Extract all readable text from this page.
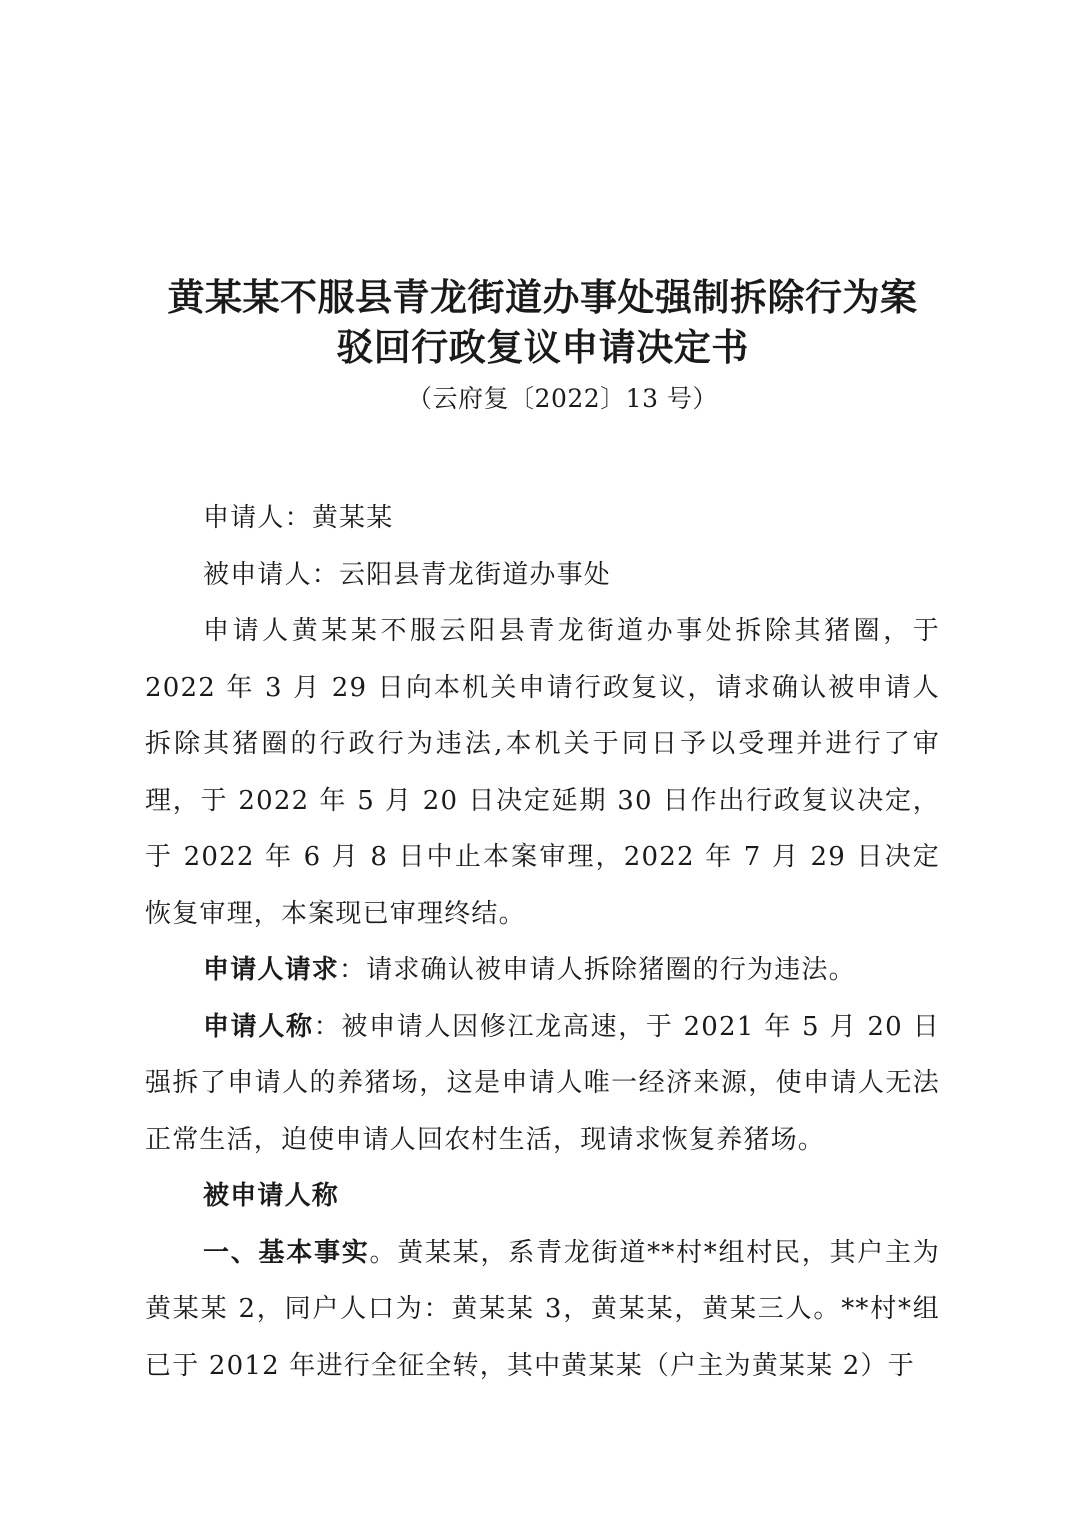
黄某某不服县青龙街道办事处强制拆除行为案
驳回行政复议申请决定书
（云府复〔2022〕13 号）

申请人：黄某某

被申请人：云阳县青龙街道办事处

申请人黄某某不服云阳县青龙街道办事处拆除其猪圈，于2022 年 3 月 29 日向本机关申请行政复议，请求确认被申请人拆除其猪圈的行政行为违法,本机关于同日予以受理并进行了审理，于 2022 年 5 月 20 日决定延期 30 日作出行政复议决定，于 2022 年 6 月 8 日中止本案审理，2022 年 7 月 29 日决定恢复审理，本案现已审理终结。

申请人请求：请求确认被申请人拆除猪圈的行为违法。

申请人称：被申请人因修江龙高速，于 2021 年 5 月 20 日强拆了申请人的养猪场，这是申请人唯一经济来源，使申请人无法正常生活，迫使申请人回农村生活，现请求恢复养猪场。

被申请人称

一、基本事实。黄某某，系青龙街道**村*组村民，其户主为黄某某 2，同户人口为：黄某某 3，黄某某，黄某三人。**村*组已于 2012 年进行全征全转，其中黄某某（户主为黄某某 2）于
